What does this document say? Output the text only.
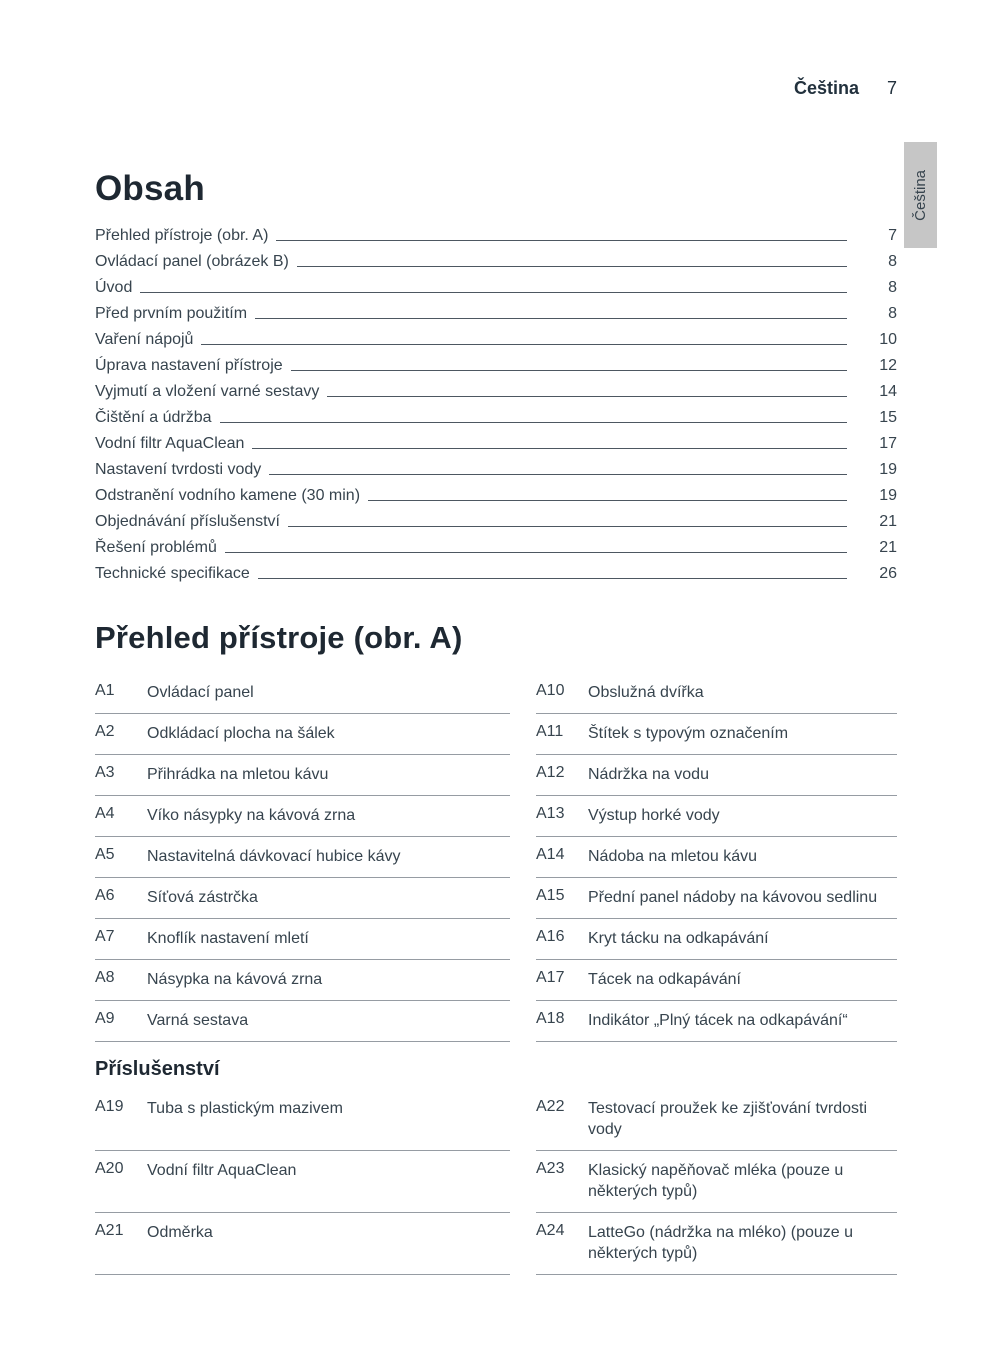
Čeština
Čeština 7
Obsah
Přehled přístroje (obr. A)	7
Ovládací panel (obrázek B)	8
Úvod	8
Před prvním použitím	8
Vaření nápojů	10
Úprava nastavení přístroje	12
Vyjmutí a vložení varné sestavy	14
Čištění a údržba	15
Vodní filtr AquaClean	17
Nastavení tvrdosti vody	19
Odstranění vodního kamene (30 min)	19
Objednávání příslušenství	21
Řešení problémů	21
Technické specifikace	26
Přehled přístroje (obr. A)
A1	Ovládací panel	A10	Obslužná dvířka
A2	Odkládací plocha na šálek	A11	Štítek s typovým označením
A3	Přihrádka na mletou kávu	A12	Nádržka na vodu
A4	Víko násypky na kávová zrna	A13	Výstup horké vody
A5	Nastavitelná dávkovací hubice kávy	A14	Nádoba na mletou kávu
A6	Síťová zástrčka	A15	Přední panel nádoby na kávovou sedlinu
A7	Knoflík nastavení mletí	A16	Kryt tácku na odkapávání
A8	Násypka na kávová zrna	A17	Tácek na odkapávání
A9	Varná sestava	A18	Indikátor „Plný tácek na odkapávání“
Příslušenství
A19	Tuba s plastickým mazivem	A22	Testovací proužek ke zjišťování tvrdosti vody
A20	Vodní filtr AquaClean	A23	Klasický napěňovač mléka (pouze u některých typů)
A21	Odměrka	A24	LatteGo (nádržka na mléko) (pouze u některých typů)
